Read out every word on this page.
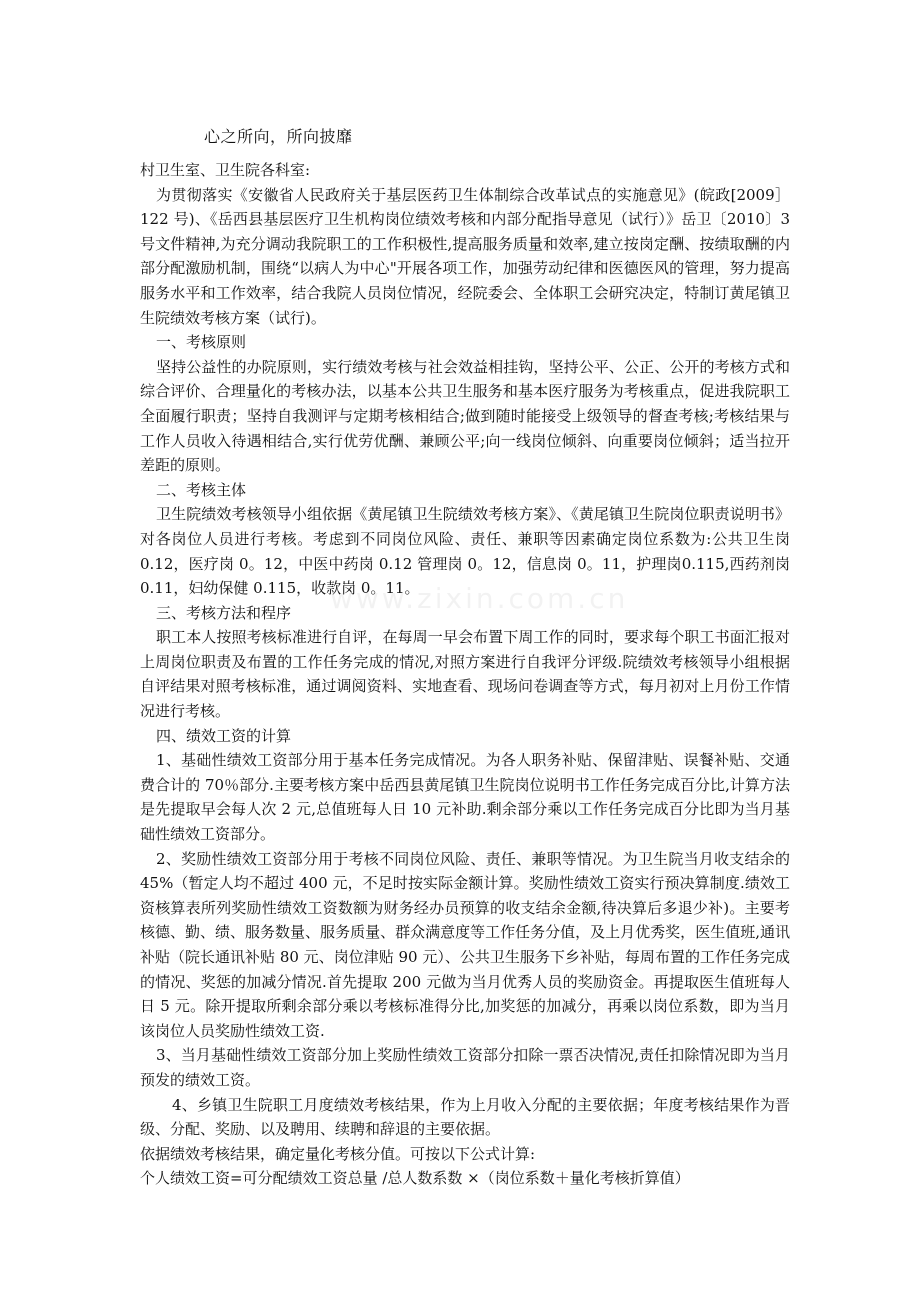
心之所向，所向披靡
www.zixin.com.cn

村卫生室、卫生院各科室:

为贯彻落实《安徽省人民政府关于基层医药卫生体制综合改革试点的实施意见》(皖政[2009］122 号)、《岳西县基层医疗卫生机构岗位绩效考核和内部分配指导意见（试行）》岳卫〔2010〕3 号文件精神,为充分调动我院职工的工作积极性,提高服务质量和效率,建立按岗定酬、按绩取酬的内部分配激励机制，围绕“以病人为中心"开展各项工作，加强劳动纪律和医德医风的管理，努力提高服务水平和工作效率，结合我院人员岗位情况，经院委会、全体职工会研究决定，特制订黄尾镇卫生院绩效考核方案（试行)。

一、考核原则

坚持公益性的办院原则，实行绩效考核与社会效益相挂钩，坚持公平、公正、公开的考核方式和综合评价、合理量化的考核办法，以基本公共卫生服务和基本医疗服务为考核重点，促进我院职工全面履行职责；坚持自我测评与定期考核相结合;做到随时能接受上级领导的督查考核;考核结果与工作人员收入待遇相结合,实行优劳优酬、兼顾公平;向一线岗位倾斜、向重要岗位倾斜；适当拉开差距的原则。

二、考核主体

卫生院绩效考核领导小组依据《黄尾镇卫生院绩效考核方案》、《黄尾镇卫生院岗位职责说明书》对各岗位人员进行考核。考虑到不同岗位风险、责任、兼职等因素确定岗位系数为:公共卫生岗 0.12，医疗岗 0。12，中医中药岗 0.12 管理岗 0。12，信息岗 0。11，护理岗0.115,西药剂岗 0.11，妇幼保健 0.115，收款岗 0。11。

三、考核方法和程序

职工本人按照考核标准进行自评，在每周一早会布置下周工作的同时，要求每个职工书面汇报对上周岗位职责及布置的工作任务完成的情况,对照方案进行自我评分评级.院绩效考核领导小组根据自评结果对照考核标准，通过调阅资料、实地查看、现场问卷调查等方式，每月初对上月份工作情况进行考核。

四、绩效工资的计算

1、基础性绩效工资部分用于基本任务完成情况。为各人职务补贴、保留津贴、误餐补贴、交通费合计的 70％部分.主要考核方案中岳西县黄尾镇卫生院岗位说明书工作任务完成百分比,计算方法是先提取早会每人次 2 元,总值班每人日 10 元补助.剩余部分乘以工作任务完成百分比即为当月基础性绩效工资部分。

2、奖励性绩效工资部分用于考核不同岗位风险、责任、兼职等情况。为卫生院当月收支结余的 45%（暂定人均不超过 400 元，不足时按实际金额计算。奖励性绩效工资实行预决算制度.绩效工资核算表所列奖励性绩效工资数额为财务经办员预算的收支结余金额,待决算后多退少补)。主要考核德、勤、绩、服务数量、服务质量、群众满意度等工作任务分值，及上月优秀奖，医生值班,通讯补贴（院长通讯补贴 80 元、岗位津贴 90 元）、公共卫生服务下乡补贴，每周布置的工作任务完成的情况、奖惩的加减分情况.首先提取 200 元做为当月优秀人员的奖励资金。再提取医生值班每人日 5 元。除开提取所剩余部分乘以考核标准得分比,加奖惩的加减分，再乘以岗位系数，即为当月该岗位人员奖励性绩效工资.

3、当月基础性绩效工资部分加上奖励性绩效工资部分扣除一票否决情况,责任扣除情况即为当月预发的绩效工资。

4、乡镇卫生院职工月度绩效考核结果，作为上月收入分配的主要依据；年度考核结果作为晋级、分配、奖励、以及聘用、续聘和辞退的主要依据。

依据绩效考核结果，确定量化考核分值。可按以下公式计算:

个人绩效工资=可分配绩效工资总量 /总人数系数 ×（岗位系数＋量化考核折算值）
